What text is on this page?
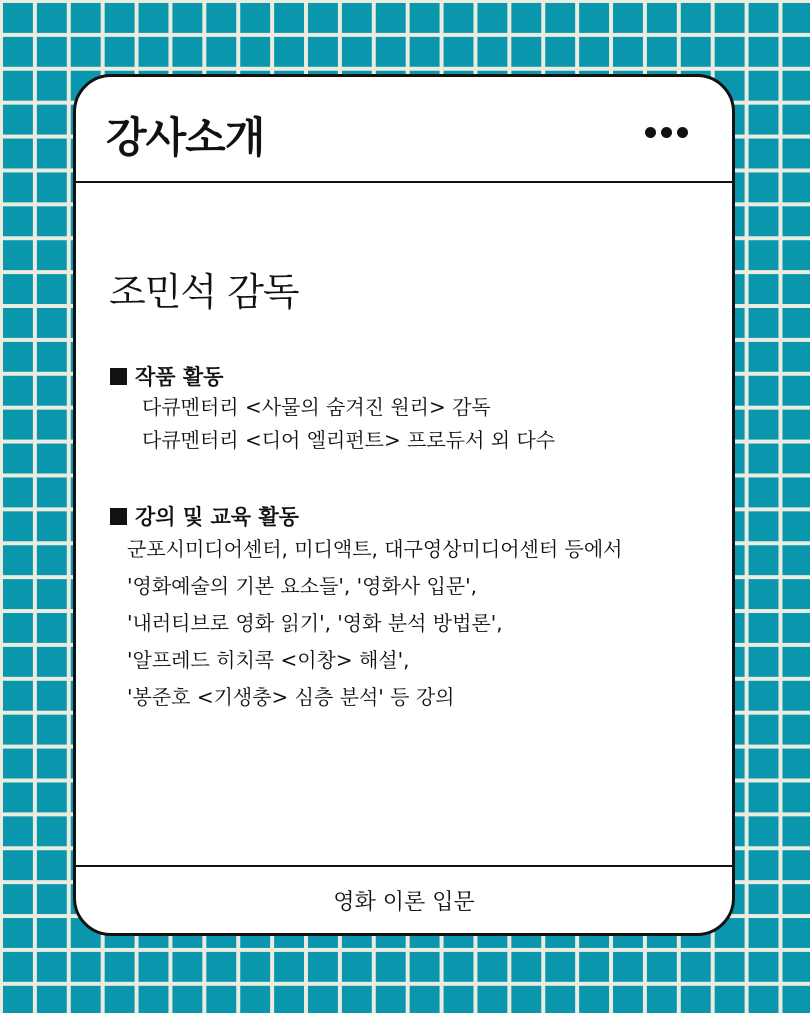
강사소개
조민석 감독
작품 활동
다큐멘터리 <사물의 숨겨진 원리> 감독
다큐멘터리 <디어 엘리펀트> 프로듀서 외 다수
강의 및 교육 활동
군포시미디어센터, 미디액트, 대구영상미디어센터 등에서
'영화예술의 기본 요소들', '영화사 입문',
'내러티브로 영화 읽기', '영화 분석 방법론',
'알프레드 히치콕 <이창> 해설',
'봉준호 <기생충> 심층 분석' 등 강의
영화 이론 입문
